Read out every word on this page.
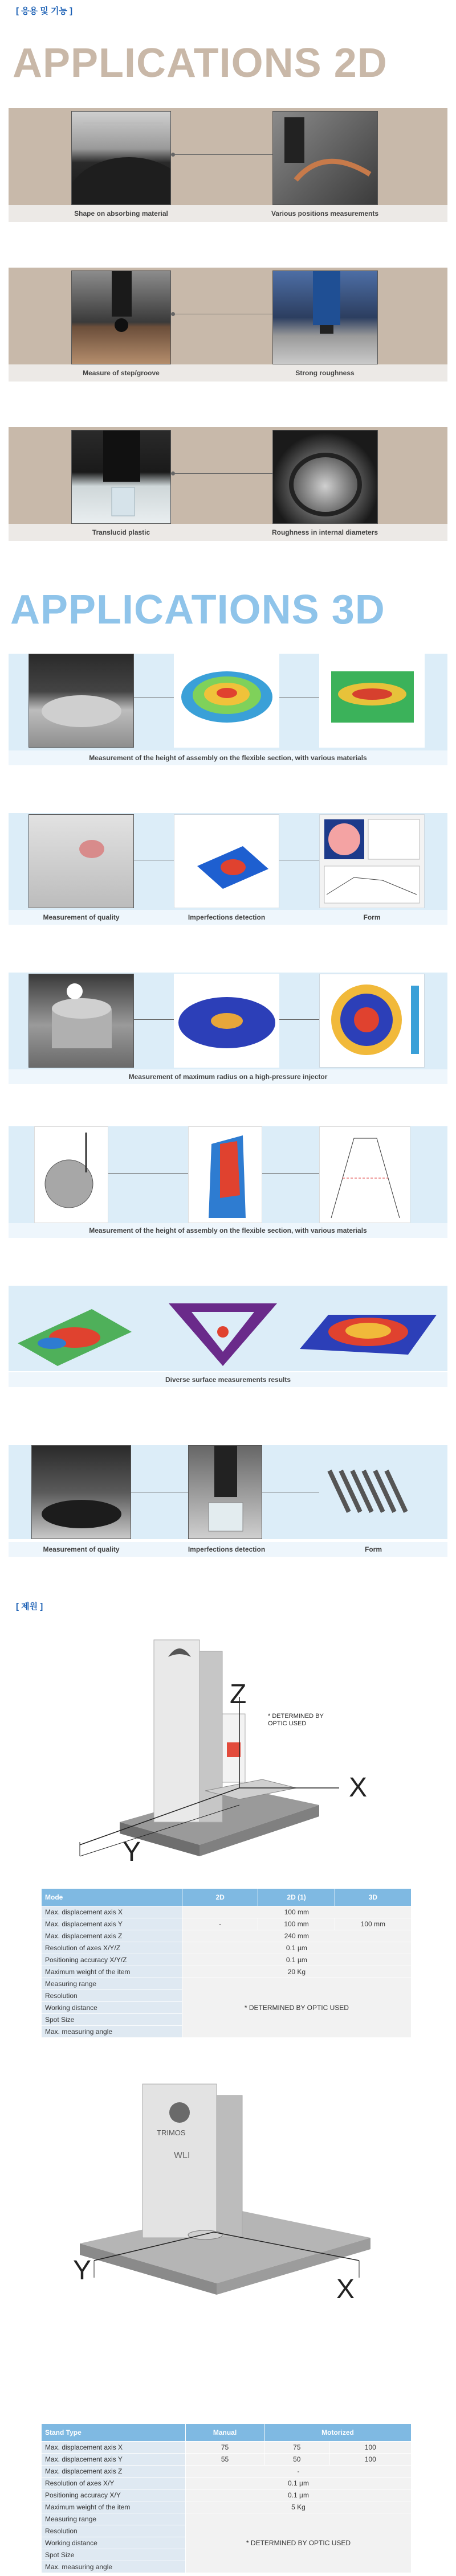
[ 응용 및 기능 ]
APPLICATIONS 2D
Shape on absorbing material	Various positions measurements
Measure of step/groove	Strong roughness
Translucid plastic	Roughness in internal diameters
APPLICATIONS 3D
Measurement of the height of assembly on the flexible section, with various materials
Measurement of quality	Imperfections detection	Form
Measurement of maximum radius on a high-pressure injector
Measurement of the height of assembly on the flexible section, with various materials
Diverse surface measurements results
Measurement of quality	Imperfections detection	Form
[ 제원 ]
Z
X
Y
* DETERMINED BY OPTIC USED
Mode	2D	2D (1)	3D
Max. displacement axis X	100 mm		
Max. displacement axis Y	-	100 mm	100 mm
Max. displacement axis Z	240 mm		
Resolution of axes X/Y/Z	0.1 µm		
Positioning accuracy X/Y/Z	0.1 µm		
Maximum weight of the item	20 Kg		
Measuring range	* DETERMINED BY OPTIC USED		
Resolution			
Working distance			
Spot Size			
Max. measuring angle			
WLI
TRIMOS
Y
X
Stand Type	Manual	Motorized	
Max. displacement axis X	75	75	100
Max. displacement axis Y	55	50	100
Max. displacement axis Z	-		
Resolution of axes X/Y	0.1 µm		
Positioning accuracy X/Y	0.1 µm		
Maximum weight of the item	5 Kg		
Measuring range	* DETERMINED BY OPTIC USED		
Resolution			
Working distance			
Spot Size			
Max. measuring angle			
